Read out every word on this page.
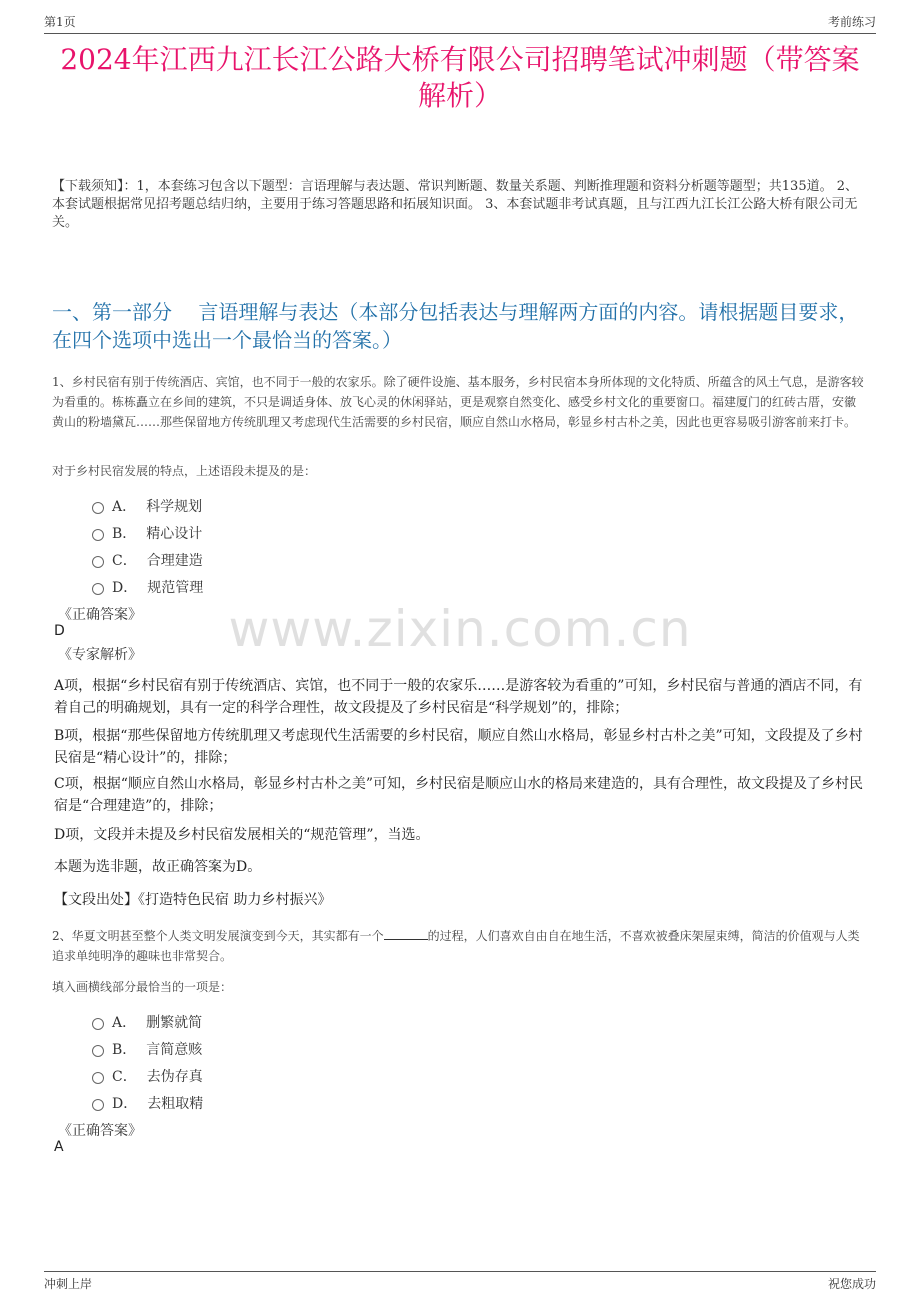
第1页	考前练习
2024年江西九江长江公路大桥有限公司招聘笔试冲刺题（带答案解析）
【下载须知】：1，本套练习包含以下题型：言语理解与表达题、常识判断题、数量关系题、判断推理题和资料分析题等题型；共135道。 2、本套试题根据常见招考题总结归纳，主要用于练习答题思路和拓展知识面。 3、本套试题非考试真题，且与江西九江长江公路大桥有限公司无关。
一、第一部分　 言语理解与表达（本部分包括表达与理解两方面的内容。请根据题目要求，在四个选项中选出一个最恰当的答案。）
1、乡村民宿有别于传统酒店、宾馆，也不同于一般的农家乐。除了硬件设施、基本服务，乡村民宿本身所体现的文化特质、所蕴含的风土气息，是游客较为看重的。栋栋矗立在乡间的建筑，不只是调适身体、放飞心灵的休闲驿站，更是观察自然变化、感受乡村文化的重要窗口。福建厦门的红砖古厝，安徽黄山的粉墙黛瓦……那些保留地方传统肌理又考虑现代生活需要的乡村民宿，顺应自然山水格局，彰显乡村古朴之美，因此也更容易吸引游客前来打卡。
对于乡村民宿发展的特点，上述语段未提及的是：
A． 科学规划
B． 精心设计
C． 合理建造
D． 规范管理
《正确答案》
D
《专家解析》	www.zixin.com.cn
A项，根据“乡村民宿有别于传统酒店、宾馆，也不同于一般的农家乐……是游客较为看重的”可知，乡村民宿与普通的酒店不同，有着自己的明确规划，具有一定的科学合理性，故文段提及了乡村民宿是“科学规划”的，排除；
B项，根据“那些保留地方传统肌理又考虑现代生活需要的乡村民宿，顺应自然山水格局，彰显乡村古朴之美”可知，文段提及了乡村民宿是“精心设计”的，排除；
C项，根据“顺应自然山水格局，彰显乡村古朴之美”可知，乡村民宿是顺应山水的格局来建造的，具有合理性，故文段提及了乡村民宿是“合理建造”的，排除；
D项，文段并未提及乡村民宿发展相关的“规范管理”，当选。
本题为选非题，故正确答案为D。
【文段出处】《打造特色民宿 助力乡村振兴》
2、华夏文明甚至整个人类文明发展演变到今天，其实都有一个	的过程，人们喜欢自由自在地生活，不喜欢被叠床架屋束缚，简洁的价值观与人类追求单纯明净的趣味也非常契合。
填入画横线部分最恰当的一项是：
A． 删繁就简
B． 言简意赅
C． 去伪存真
D． 去粗取精
《正确答案》
A
冲刺上岸	祝您成功
